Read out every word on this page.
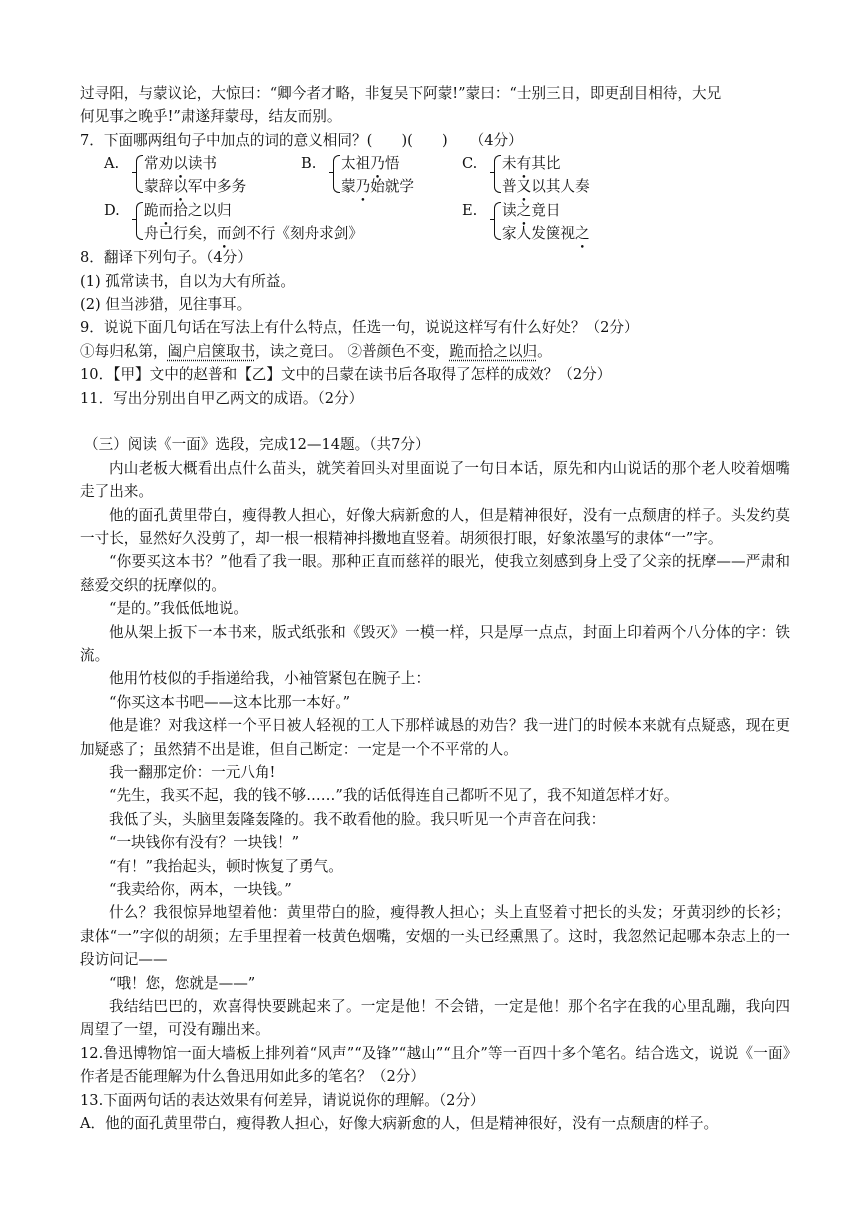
过寻阳，与蒙议论，大惊曰：“卿今者才略，非复吴下阿蒙!”蒙曰：“士别三日，即更刮目相待，大兄
何见事之晚乎!”肃遂拜蒙母，结友而别。
7．下面哪两组句子中加点的词的意义相同？(　　)(　　)　　（4分）
A. 常劝以读书
蒙辞以军中多务
B. 太祖乃悟
蒙乃始就学
C. 未有其比
普又以其人奏
D. 跪而拾之以归
舟已行矣，而剑不行《刻舟求剑》
E. 读之竟日
家人发箧视之
8．翻译下列句子。（4分）
(1) 孤常读书，自以为大有所益。
(2) 但当涉猎，见往事耳。
9．说说下面几句话在写法上有什么特点，任选一句，说说这样写有什么好处？（2分）
①每归私第，阖户启箧取书，读之竟曰。 ②普颜色不变，跪而拾之以归。
10．【甲】文中的赵普和【乙】文中的吕蒙在读书后各取得了怎样的成效？（2分）
11．写出分别出自甲乙两文的成语。（2分）
（三）阅读《一面》选段，完成12—14题。（共7分）
内山老板大概看出点什么苗头，就笑着回头对里面说了一句日本话，原先和内山说话的那个老人咬着烟嘴走了出来。
他的面孔黄里带白，瘦得教人担心，好像大病新愈的人，但是精神很好，没有一点颓唐的样子。头发约莫一寸长，显然好久没剪了，却一根一根精神抖擞地直竖着。胡须很打眼，好象浓墨写的隶体“一”字。
“你要买这本书？”他看了我一眼。那种正直而慈祥的眼光，使我立刻感到身上受了父亲的抚摩——严肃和慈爱交织的抚摩似的。
“是的。”我低低地说。
他从架上扳下一本书来，版式纸张和《毁灭》一模一样，只是厚一点点，封面上印着两个八分体的字：铁流。
他用竹枝似的手指递给我，小袖管紧包在腕子上：
“你买这本书吧——这本比那一本好。”
他是谁？对我这样一个平日被人轻视的工人下那样诚恳的劝告？我一进门的时候本来就有点疑惑，现在更加疑惑了；虽然猜不出是谁，但自己断定：一定是一个不平常的人。
我一翻那定价：一元八角!
“先生，我买不起，我的钱不够……”我的话低得连自己都听不见了，我不知道怎样才好。
我低了头，头脑里轰隆轰隆的。我不敢看他的脸。我只听见一个声音在问我：
“一块钱你有没有？一块钱！”
“有！”我抬起头，顿时恢复了勇气。
“我卖给你，两本，一块钱。”
什么？我很惊异地望着他：黄里带白的脸，瘦得教人担心；头上直竖着寸把长的头发；牙黄羽纱的长衫；隶体“一”字似的胡须；左手里捏着一枝黄色烟嘴，安烟的一头已经熏黑了。这时，我忽然记起哪本杂志上的一段访问记——
“哦！您，您就是——”
我结结巴巴的，欢喜得快要跳起来了。一定是他！不会错，一定是他！那个名字在我的心里乱蹦，我向四周望了一望，可没有蹦出来。
12.鲁迅博物馆一面大墙板上排列着“风声”“及锋”“越山”“且介”等一百四十多个笔名。结合选文，说说《一面》作者是否能理解为什么鲁迅用如此多的笔名？（2分）
13.下面两句话的表达效果有何差异，请说说你的理解。（2分）
A．他的面孔黄里带白，瘦得教人担心，好像大病新愈的人，但是精神很好，没有一点颓唐的样子。
